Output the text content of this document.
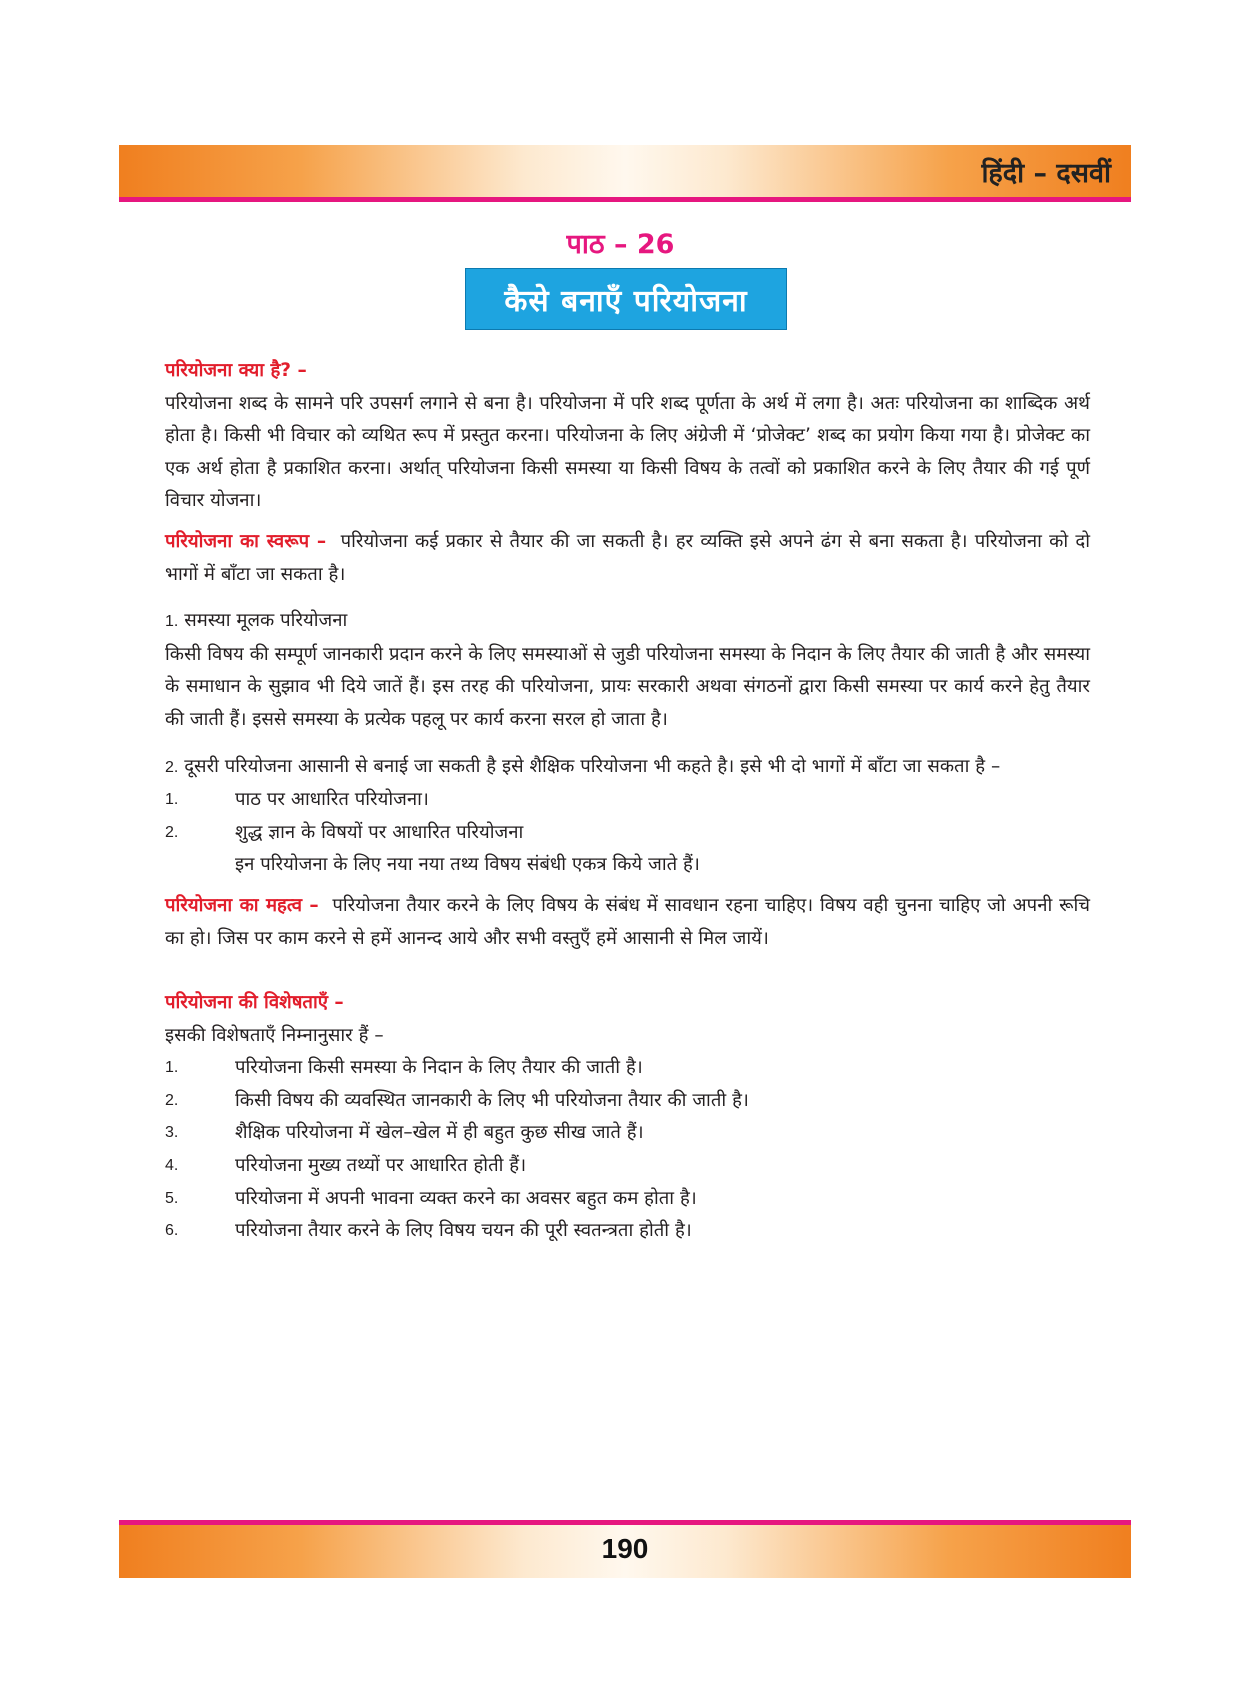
हिंदी – दसवीं
पाठ – 26
कैसे बनाएँ परियोजना
परियोजना क्या है? –

परियोजना शब्द के सामने परि उपसर्ग लगाने से बना है। परियोजना में परि शब्द पूर्णता के अर्थ में लगा है। अतः परियोजना का शाब्दिक अर्थ होता है। किसी भी विचार को व्यथित रूप में प्रस्तुत करना। परियोजना के लिए अंग्रेजी में ‘प्रोजेक्ट’ शब्द का प्रयोग किया गया है। प्रोजेक्ट का एक अर्थ होता है प्रकाशित करना। अर्थात् परियोजना किसी समस्या या किसी विषय के तत्वों को प्रकाशित करने के लिए तैयार की गई पूर्ण विचार योजना।

परियोजना का स्वरूप – परियोजना कई प्रकार से तैयार की जा सकती है। हर व्यक्ति इसे अपने ढंग से बना सकता है। परियोजना को दो भागों में बाँटा जा सकता है।

1. समस्या मूलक परियोजना

किसी विषय की सम्पूर्ण जानकारी प्रदान करने के लिए समस्याओं से जुडी परियोजना समस्या के निदान के लिए तैयार की जाती है और समस्या के समाधान के सुझाव भी दिये जातें हैं। इस तरह की परियोजना, प्रायः सरकारी अथवा संगठनों द्वारा किसी समस्या पर कार्य करने हेतु तैयार की जाती हैं। इससे समस्या के प्रत्येक पहलू पर कार्य करना सरल हो जाता है।

2. दूसरी परियोजना आसानी से बनाई जा सकती है इसे शैक्षिक परियोजना भी कहते है। इसे भी दो भागों में बाँटा जा सकता है –

1.	पाठ पर आधारित परियोजना।
2.	शुद्ध ज्ञान के विषयों पर आधारित परियोजना
इन परियोजना के लिए नया नया तथ्य विषय संबंधी एकत्र किये जाते हैं।

परियोजना का महत्व – परियोजना तैयार करने के लिए विषय के संबंध में सावधान रहना चाहिए। विषय वही चुनना चाहिए जो अपनी रूचि का हो। जिस पर काम करने से हमें आनन्द आये और सभी वस्तुएँ हमें आसानी से मिल जायें।

परियोजना की विशेषताएँ –
इसकी विशेषताएँ निम्नानुसार हैं –
1.	परियोजना किसी समस्या के निदान के लिए तैयार की जाती है।
2.	किसी विषय की व्यवस्थित जानकारी के लिए भी परियोजना तैयार की जाती है।
3.	शैक्षिक परियोजना में खेल–खेल में ही बहुत कुछ सीख जाते हैं।
4.	परियोजना मुख्य तथ्यों पर आधारित होती हैं।
5.	परियोजना में अपनी भावना व्यक्त करने का अवसर बहुत कम होता है।
6.	परियोजना तैयार करने के लिए विषय चयन की पूरी स्वतन्त्रता होती है।
190
